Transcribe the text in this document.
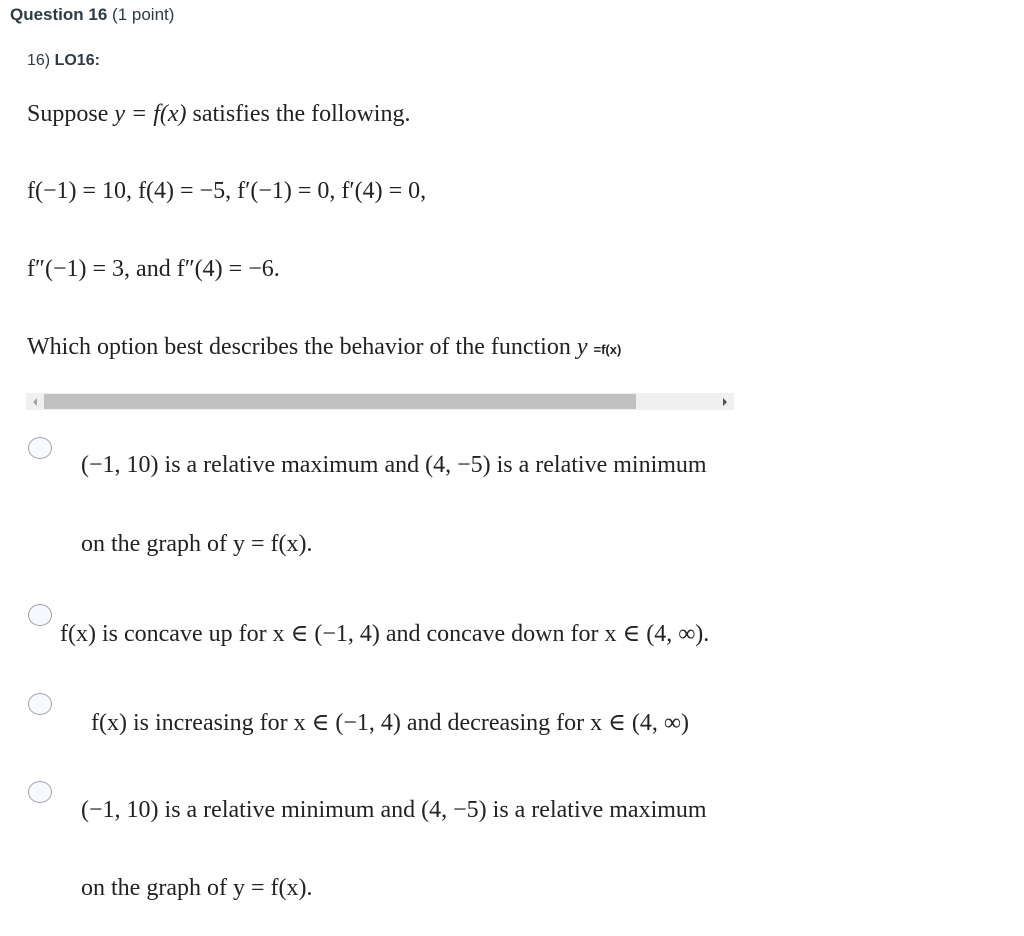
Question 16 (1 point)
16) LO16:
Suppose y = f(x) satisfies the following.
f(−1) = 10, f(4) = −5, f′(−1) = 0, f′(4) = 0,
f″(−1) = 3, and f″(4) = −6.
Which option best describes the behavior of the function y =f(x)
(−1, 10) is a relative maximum and (4, −5) is a relative minimum
on the graph of y = f(x).
f(x) is concave up for x ∈ (−1, 4) and concave down for x ∈ (4, ∞).
f(x) is increasing for x ∈ (−1, 4) and decreasing for x ∈ (4, ∞)
(−1, 10) is a relative minimum and (4, −5) is a relative maximum
on the graph of y = f(x).
